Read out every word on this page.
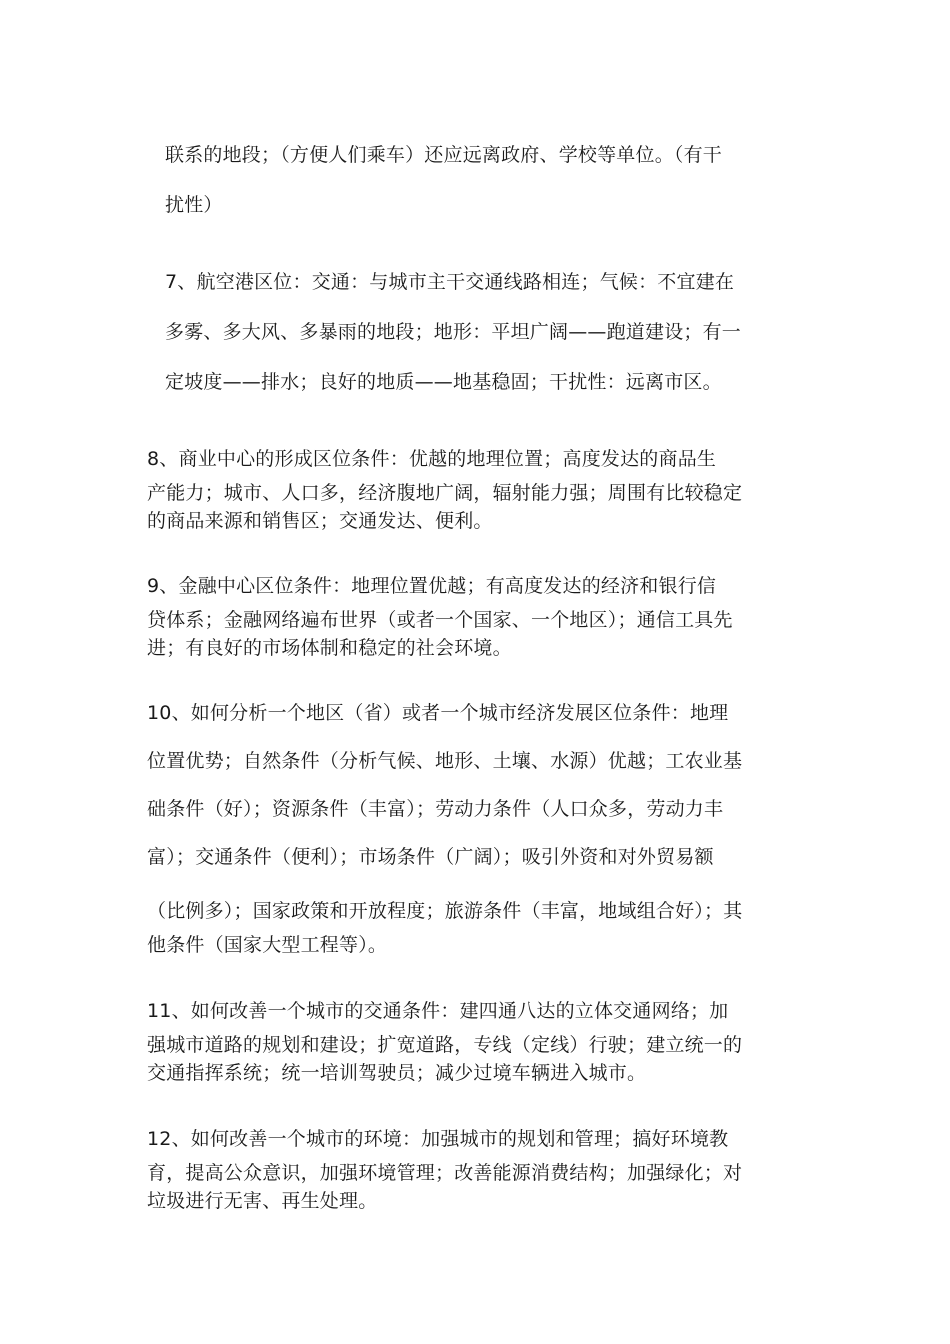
联系的地段；（方便人们乘车）还应远离政府、学校等单位。（有干
扰性）
7、航空港区位：交通：与城市主干交通线路相连；气候：不宜建在
多雾、多大风、多暴雨的地段；地形：平坦广阔——跑道建设；有一
定坡度——排水；良好的地质——地基稳固；干扰性：远离市区。
8、商业中心的形成区位条件：优越的地理位置；高度发达的商品生
产能力；城市、人口多，经济腹地广阔，辐射能力强；周围有比较稳定
的商品来源和销售区；交通发达、便利。
9、金融中心区位条件：地理位置优越；有高度发达的经济和银行信
贷体系；金融网络遍布世界（或者一个国家、一个地区）；通信工具先
进；有良好的市场体制和稳定的社会环境。
10、如何分析一个地区（省）或者一个城市经济发展区位条件：地理
位置优势；自然条件（分析气候、地形、土壤、水源）优越；工农业基
础条件（好）；资源条件（丰富）；劳动力条件（人口众多，劳动力丰
富）；交通条件（便利）；市场条件（广阔）；吸引外资和对外贸易额
（比例多）；国家政策和开放程度；旅游条件（丰富，地域组合好）；其
他条件（国家大型工程等）。
11、如何改善一个城市的交通条件：建四通八达的立体交通网络；加
强城市道路的规划和建设；扩宽道路，专线（定线）行驶；建立统一的
交通指挥系统；统一培训驾驶员；减少过境车辆进入城市。
12、如何改善一个城市的环境：加强城市的规划和管理；搞好环境教
育，提高公众意识，加强环境管理；改善能源消费结构；加强绿化；对
垃圾进行无害、再生处理。
